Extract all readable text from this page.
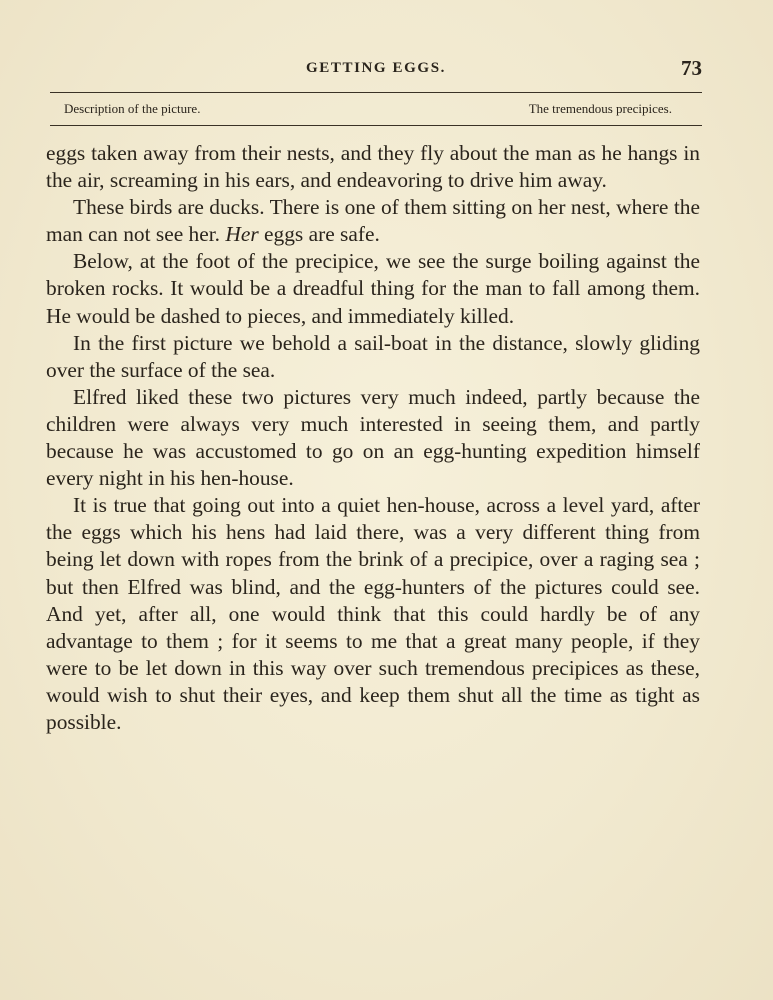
GETTING EGGS.	73
Description of the picture.	The tremendous precipices.

eggs taken away from their nests, and they fly about the man as he hangs in the air, screaming in his ears, and endeavoring to drive him away.

These birds are ducks. There is one of them sitting on her nest, where the man can not see her. Her eggs are safe.

Below, at the foot of the precipice, we see the surge boiling against the broken rocks. It would be a dreadful thing for the man to fall among them. He would be dashed to pieces, and immediately killed.

In the first picture we behold a sail-boat in the distance, slowly gliding over the surface of the sea.

Elfred liked these two pictures very much indeed, partly because the children were always very much interested in seeing them, and partly because he was accustomed to go on an egg-hunting expedition himself every night in his hen-house.

It is true that going out into a quiet hen-house, across a level yard, after the eggs which his hens had laid there, was a very different thing from being let down with ropes from the brink of a precipice, over a raging sea ; but then Elfred was blind, and the egg-hunters of the pictures could see. And yet, after all, one would think that this could hardly be of any advantage to them ; for it seems to me that a great many people, if they were to be let down in this way over such tremendous precipices as these, would wish to shut their eyes, and keep them shut all the time as tight as possible.
